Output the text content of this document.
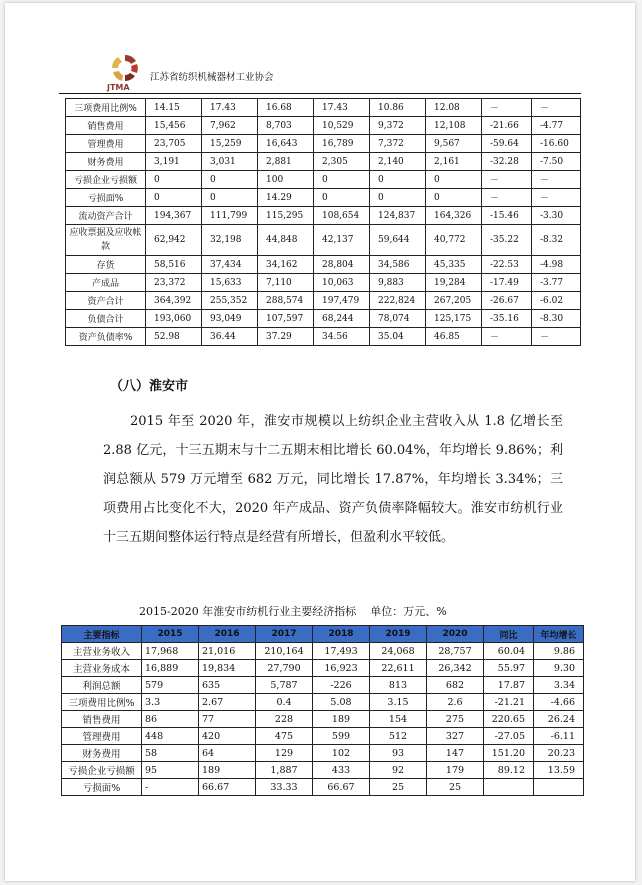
JTMA
江苏省纺织机械器材工业协会
三项费用比例%	14.15	17.43	16.68	17.43	10.86	12.08	－	－
销售费用	15,456	7,962	8,703	10,529	9,372	12,108	-21.66	-4.77
管理费用	23,705	15,259	16,643	16,789	7,372	9,567	-59.64	-16.60
财务费用	3,191	3,031	2,881	2,305	2,140	2,161	-32.28	-7.50
亏损企业亏损额	0	0	100	0	0	0	－	－
亏损面%	0	0	14.29	0	0	0	－	－
流动资产合计	194,367	111,799	115,295	108,654	124,837	164,326	-15.46	-3.30
应收票据及应收帐款	62,942	32,198	44,848	42,137	59,644	40,772	-35.22	-8.32
存货	58,516	37,434	34,162	28,804	34,586	45,335	-22.53	-4.98
产成品	23,372	15,633	7,110	10,063	9,883	19,284	-17.49	-3.77
资产合计	364,392	255,352	288,574	197,479	222,824	267,205	-26.67	-6.02
负债合计	193,060	93,049	107,597	68,244	78,074	125,175	-35.16	-8.30
资产负债率%	52.98	36.44	37.29	34.56	35.04	46.85	－	－
（八）淮安市

2015 年至 2020 年，淮安市规模以上纺织企业主营收入从 1.8 亿增长至 2.88 亿元，十三五期末与十二五期末相比增长 60.04%，年均增长 9.86%；利润总额从 579 万元增至 682 万元，同比增长 17.87%，年均增长 3.34%；三项费用占比变化不大，2020 年产成品、资产负债率降幅较大。淮安市纺机行业十三五期间整体运行特点是经营有所增长，但盈利水平较低。

2015-2020 年淮安市纺机行业主要经济指标 单位：万元、%
主要指标	2015	2016	2017	2018	2019	2020	同比	年均增长
主营业务收入	17,968	21,016	210,164	17,493	24,068	28,757	60.04	9.86
主营业务成本	16,889	19,834	27,790	16,923	22,611	26,342	55.97	9.30
利润总额	579	635	5,787	-226	813	682	17.87	3.34
三项费用比例%	3.3	2.67	0.4	5.08	3.15	2.6	-21.21	-4.66
销售费用	86	77	228	189	154	275	220.65	26.24
管理费用	448	420	475	599	512	327	-27.05	-6.11
财务费用	58	64	129	102	93	147	151.20	20.23
亏损企业亏损额	95	189	1,887	433	92	179	89.12	13.59
亏损面%	-	66.67	33.33	66.67	25	25		
